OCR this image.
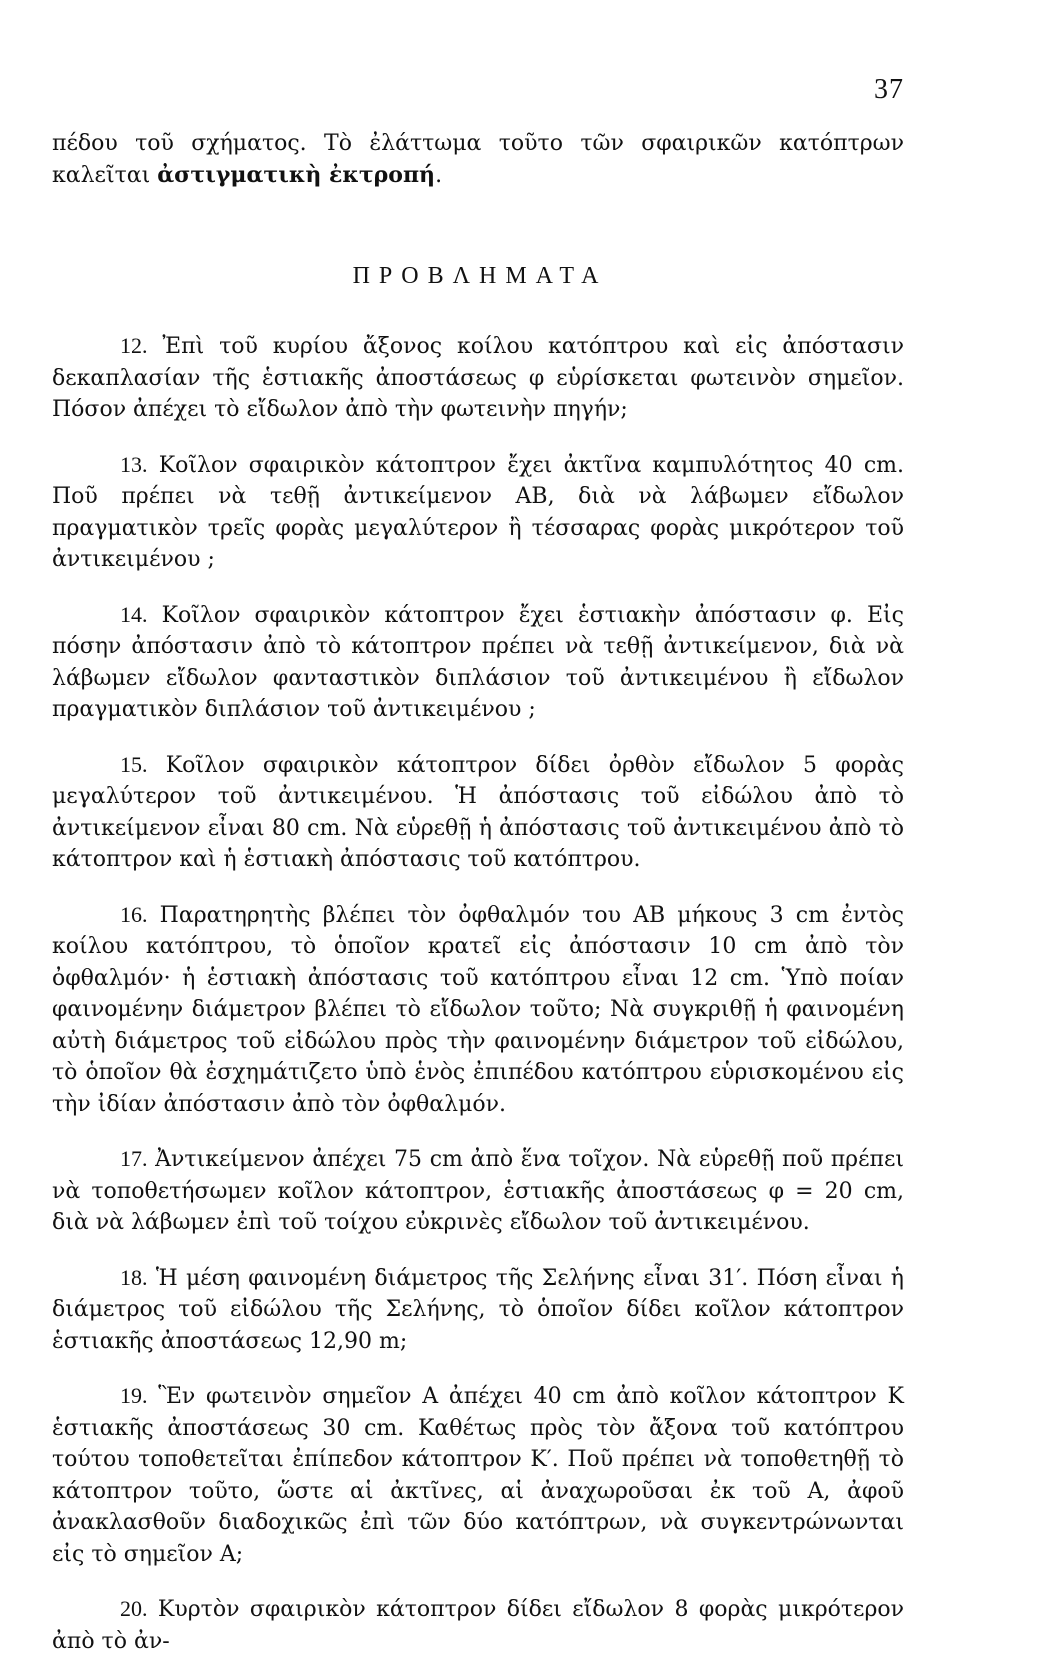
37
πέδου τοῦ σχήματος. Τὸ ἐλάττωμα τοῦτο τῶν σφαιρικῶν κατόπτρων καλεῖται ἀστιγματικὴ ἐκτροπή.
ΠΡΟΒΛΗΜΑΤΑ

12. Ἐπὶ τοῦ κυρίου ἄξονος κοίλου κατόπτρου καὶ εἰς ἀπόστασιν δεκαπλασίαν τῆς ἑστιακῆς ἀποστάσεως φ εὑρίσκεται φωτεινὸν σημεῖον. Πόσον ἀπέχει τὸ εἴδωλον ἀπὸ τὴν φωτεινὴν πηγήν;

13. Κοῖλον σφαιρικὸν κάτοπτρον ἔχει ἀκτῖνα καμπυλότητος 40 cm. Ποῦ πρέπει νὰ τεθῇ ἀντικείμενον AB, διὰ νὰ λάβωμεν εἴδωλον πραγματικὸν τρεῖς φορὰς μεγαλύτερον ἢ τέσσαρας φορὰς μικρότερον τοῦ ἀντικειμένου ;

14. Κοῖλον σφαιρικὸν κάτοπτρον ἔχει ἑστιακὴν ἀπόστασιν φ. Εἰς πόσην ἀπόστασιν ἀπὸ τὸ κάτοπτρον πρέπει νὰ τεθῇ ἀντικείμενον, διὰ νὰ λάβωμεν εἴδωλον φανταστικὸν διπλάσιον τοῦ ἀντικειμένου ἢ εἴδωλον πραγματικὸν διπλάσιον τοῦ ἀντικειμένου ;

15. Κοῖλον σφαιρικὸν κάτοπτρον δίδει ὀρθὸν εἴδωλον 5 φορὰς μεγαλύτερον τοῦ ἀντικειμένου. Ἡ ἀπόστασις τοῦ εἰδώλου ἀπὸ τὸ ἀντικείμενον εἶναι 80 cm. Νὰ εὑρεθῇ ἡ ἀπόστασις τοῦ ἀντικειμένου ἀπὸ τὸ κάτοπτρον καὶ ἡ ἑστιακὴ ἀπόστασις τοῦ κατόπτρου.

16. Παρατηρητὴς βλέπει τὸν ὀφθαλμόν του AB μήκους 3 cm ἐντὸς κοίλου κατόπτρου, τὸ ὁποῖον κρατεῖ εἰς ἀπόστασιν 10 cm ἀπὸ τὸν ὀφθαλμόν· ἡ ἑστιακὴ ἀπόστασις τοῦ κατόπτρου εἶναι 12 cm. Ὑπὸ ποίαν φαινομένην διάμετρον βλέπει τὸ εἴδωλον τοῦτο; Νὰ συγκριθῇ ἡ φαινομένη αὐτὴ διάμετρος τοῦ εἰδώλου πρὸς τὴν φαινομένην διάμετρον τοῦ εἰδώλου, τὸ ὁποῖον θὰ ἐσχημάτιζετο ὑπὸ ἑνὸς ἐπιπέδου κατόπτρου εὑρισκομένου εἰς τὴν ἰδίαν ἀπόστασιν ἀπὸ τὸν ὀφθαλμόν.

17. Ἀντικείμενον ἀπέχει 75 cm ἀπὸ ἕνα τοῖχον. Νὰ εὑρεθῇ ποῦ πρέπει νὰ τοποθετήσωμεν κοῖλον κάτοπτρον, ἑστιακῆς ἀποστάσεως φ = 20 cm, διὰ νὰ λάβωμεν ἐπὶ τοῦ τοίχου εὐκρινὲς εἴδωλον τοῦ ἀντικειμένου.

18. Ἡ μέση φαινομένη διάμετρος τῆς Σελήνης εἶναι 31′. Πόση εἶναι ἡ διάμετρος τοῦ εἰδώλου τῆς Σελήνης, τὸ ὁποῖον δίδει κοῖλον κάτοπτρον ἑστιακῆς ἀποστάσεως 12,90 m;

19. Ἓν φωτεινὸν σημεῖον A ἀπέχει 40 cm ἀπὸ κοῖλον κάτοπτρον K ἑστιακῆς ἀποστάσεως 30 cm. Καθέτως πρὸς τὸν ἄξονα τοῦ κατόπτρου τούτου τοποθετεῖται ἐπίπεδον κάτοπτρον K′. Ποῦ πρέπει νὰ τοποθετηθῇ τὸ κάτοπτρον τοῦτο, ὥστε αἱ ἀκτῖνες, αἱ ἀναχωροῦσαι ἐκ τοῦ A, ἀφοῦ ἀνακλασθοῦν διαδοχικῶς ἐπὶ τῶν δύο κατόπτρων, νὰ συγκεντρώνωνται εἰς τὸ σημεῖον A;

20. Κυρτὸν σφαιρικὸν κάτοπτρον δίδει εἴδωλον 8 φορὰς μικρότερον ἀπὸ τὸ ἀν-
